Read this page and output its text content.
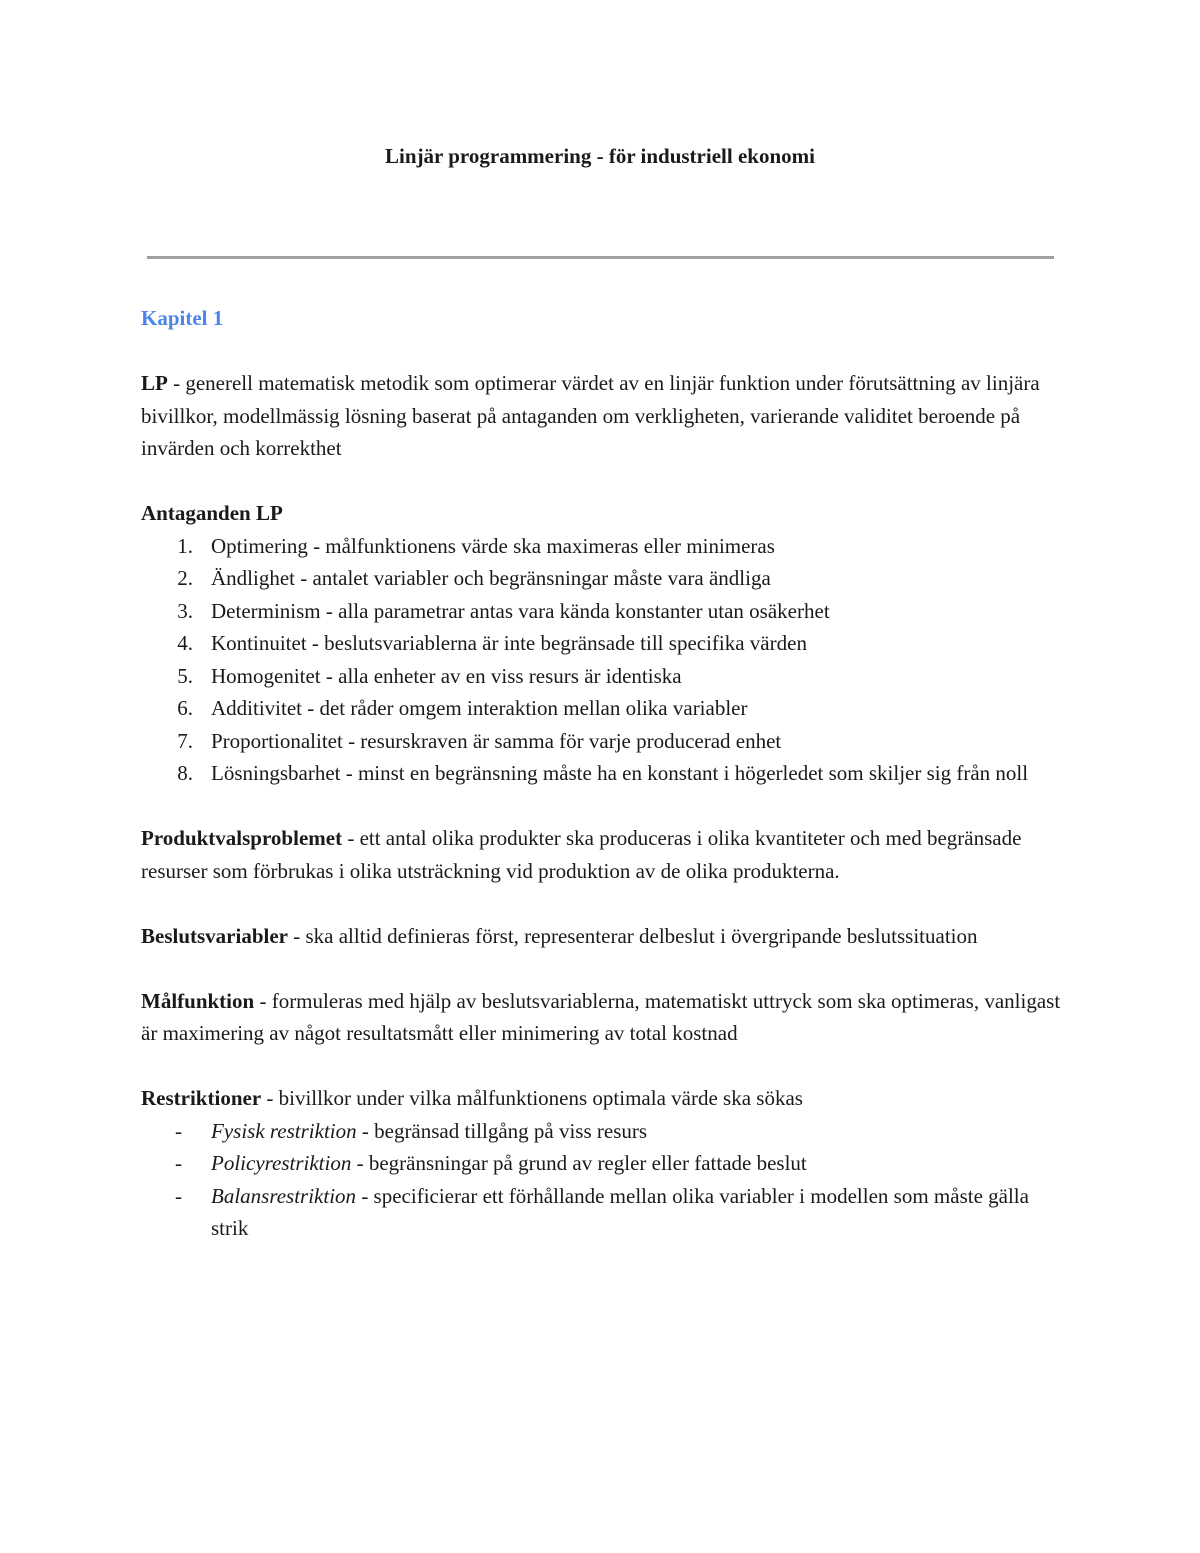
Linjär programmering - för industriell ekonomi

Kapitel 1

LP - generell matematisk metodik som optimerar värdet av en linjär funktion under förutsättning av linjära bivillkor, modellmässig lösning baserat på antaganden om verkligheten, varierande validitet beroende på invärden och korrekthet

Antaganden LP

1. Optimering - målfunktionens värde ska maximeras eller minimeras
2. Ändlighet - antalet variabler och begränsningar måste vara ändliga
3. Determinism - alla parametrar antas vara kända konstanter utan osäkerhet
4. Kontinuitet - beslutsvariablerna är inte begränsade till specifika värden
5. Homogenitet - alla enheter av en viss resurs är identiska
6. Additivitet - det råder omgem interaktion mellan olika variabler
7. Proportionalitet - resurskraven är samma för varje producerad enhet
8. Lösningsbarhet - minst en begränsning måste ha en konstant i högerledet som skiljer sig från noll

Produktvalsproblemet - ett antal olika produkter ska produceras i olika kvantiteter och med begränsade resurser som förbrukas i olika utsträckning vid produktion av de olika produkterna.

Beslutsvariabler - ska alltid definieras först, representerar delbeslut i övergripande beslutssituation

Målfunktion - formuleras med hjälp av beslutsvariablerna, matematiskt uttryck som ska optimeras, vanligast är maximering av något resultatsmått eller minimering av total kostnad

Restriktioner - bivillkor under vilka målfunktionens optimala värde ska sökas

- Fysisk restriktion - begränsad tillgång på viss resurs
- Policyrestriktion - begränsningar på grund av regler eller fattade beslut
- Balansrestriktion - specificierar ett förhållande mellan olika variabler i modellen som måste gälla strik
